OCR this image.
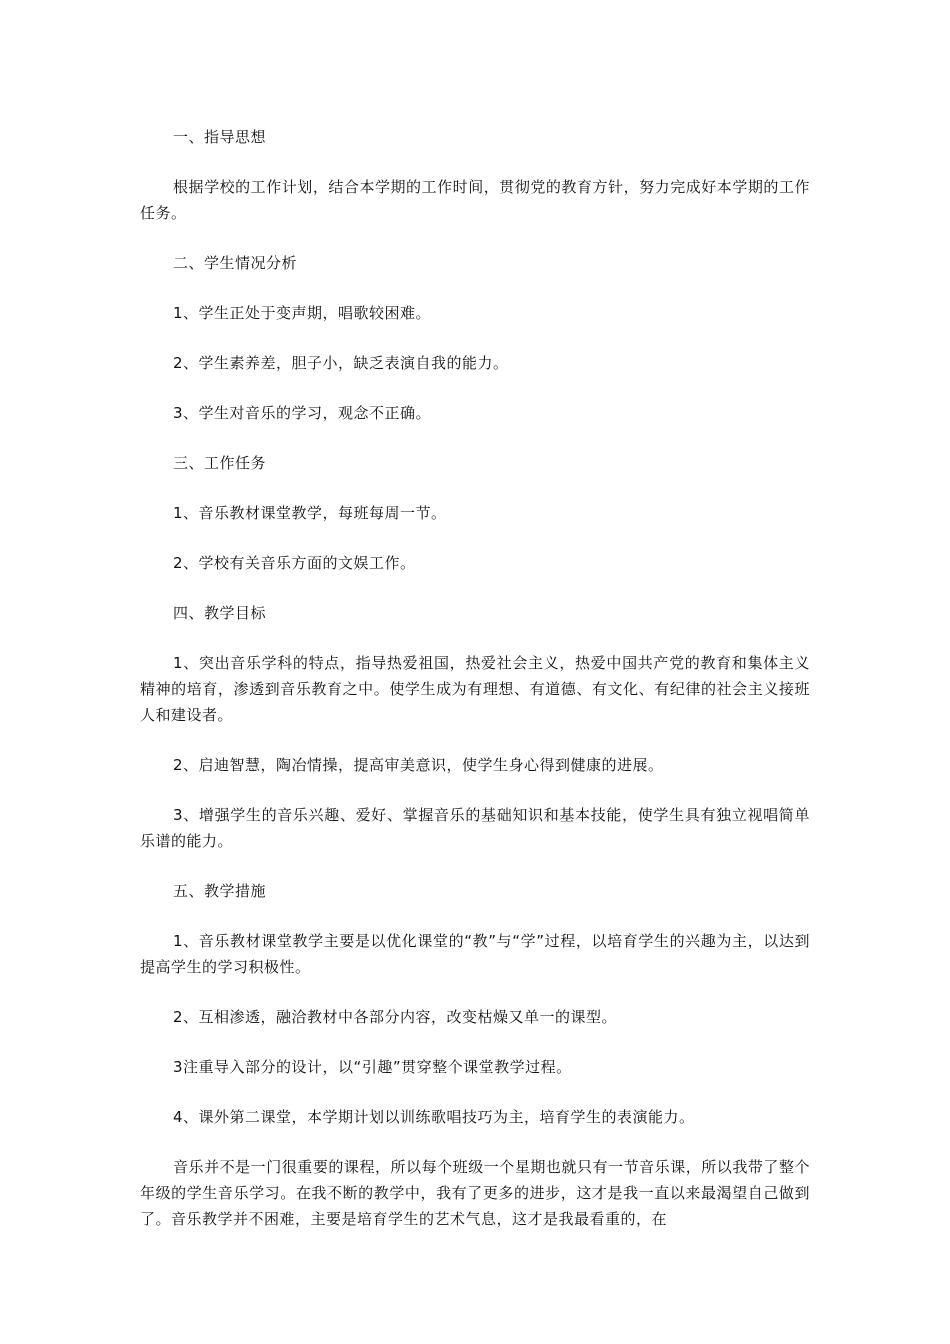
一、指导思想

根据学校的工作计划，结合本学期的工作时间，贯彻党的教育方针，努力完成好本学期的工作任务。

二、学生情况分析

1、学生正处于变声期，唱歌较困难。

2、学生素养差，胆子小，缺乏表演自我的能力。

3、学生对音乐的学习，观念不正确。

三、工作任务

1、音乐教材课堂教学，每班每周一节。

2、学校有关音乐方面的文娱工作。

四、教学目标

1、突出音乐学科的特点，指导热爱祖国，热爱社会主义，热爱中国共产党的教育和集体主义精神的培育，渗透到音乐教育之中。使学生成为有理想、有道德、有文化、有纪律的社会主义接班人和建设者。

2、启迪智慧，陶冶情操，提高审美意识，使学生身心得到健康的进展。

3、增强学生的音乐兴趣、爱好、掌握音乐的基础知识和基本技能，使学生具有独立视唱简单乐谱的能力。

五、教学措施

1、音乐教材课堂教学主要是以优化课堂的“教”与“学”过程，以培育学生的兴趣为主，以达到提高学生的学习积极性。

2、互相渗透，融洽教材中各部分内容，改变枯燥又单一的课型。

3注重导入部分的设计，以“引趣”贯穿整个课堂教学过程。

4、课外第二课堂，本学期计划以训练歌唱技巧为主，培育学生的表演能力。

音乐并不是一门很重要的课程，所以每个班级一个星期也就只有一节音乐课，所以我带了整个年级的学生音乐学习。在我不断的教学中，我有了更多的进步，这才是我一直以来最渴望自己做到了。音乐教学并不困难，主要是培育学生的艺术气息，这才是我最看重的，在
